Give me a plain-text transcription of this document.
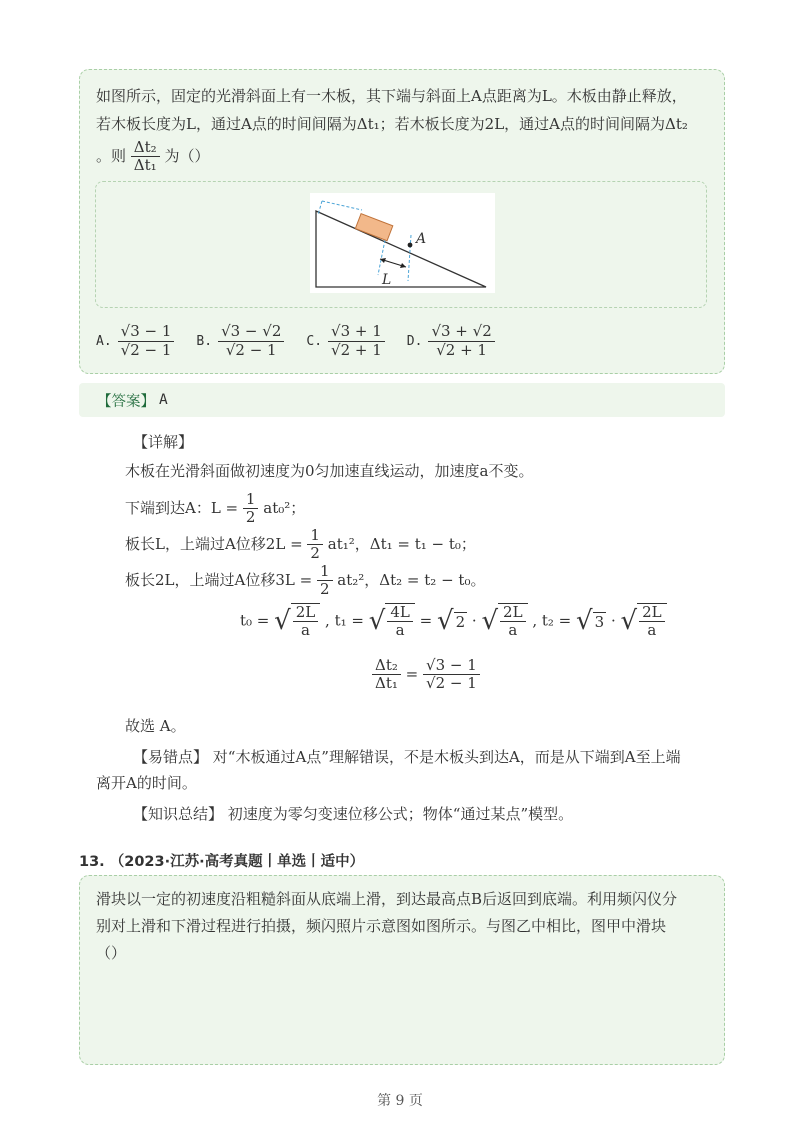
如图所示，固定的光滑斜面上有一木板，其下端与斜面上A点距离为L。木板由静止释放，
若木板长度为L，通过A点的时间间隔为Δt₁；若木板长度为2L，通过A点的时间间隔为Δt₂
。则 $\frac{\text{Δt₂}}{\text{Δt₁}}$ 为（）
A
L
A. $\frac{√3 - 1}{√2 - 1} B$. $\frac{√3 - √2}{√2 - 1} C$. $\frac{√3 + 1}{√2 + 1} D$. $\frac{√3 + √2}{√2 + 1}$
【答案】 A
【详解】
木板在光滑斜面做初速度为0匀加速直线运动，加速度a不变。
下端到达A：$L = \frac{1}{2} at_0^2$；
板长L，上端过A位移$2L = \frac{1}{2} at_1^2$，Δt₁ = t₁ − t₀；
板长2L，上端过A位移$3L = \frac{1}{2} at_2^2$，Δt₂ = t₂ − t₀。
t₀ = √ $\frac{2L}{a}$ , t₁ = √ $\frac{4L}{a}$ = √ 2 · √ $\frac{2L}{a}$ , t₂ = √ 3 · √ $\frac{2L}{a}$
$\frac{\text{Δt₂}}{\text{Δt₁}} = \frac{√3 - 1}{√2 - 1}$
故选 A。
【易错点】 对“木板通过A点”理解错误，不是木板头到达A，而是从下端到A至上端
离开A的时间。
【知识总结】 初速度为零匀变速位移公式；物体“通过某点”模型。
13. （2023·江苏·高考真题丨单选丨适中）
滑块以一定的初速度沿粗糙斜面从底端上滑，到达最高点B后返回到底端。利用频闪仪分
别对上滑和下滑过程进行拍摄，频闪照片示意图如图所示。与图乙中相比，图甲中滑块
（）
第 9 页
